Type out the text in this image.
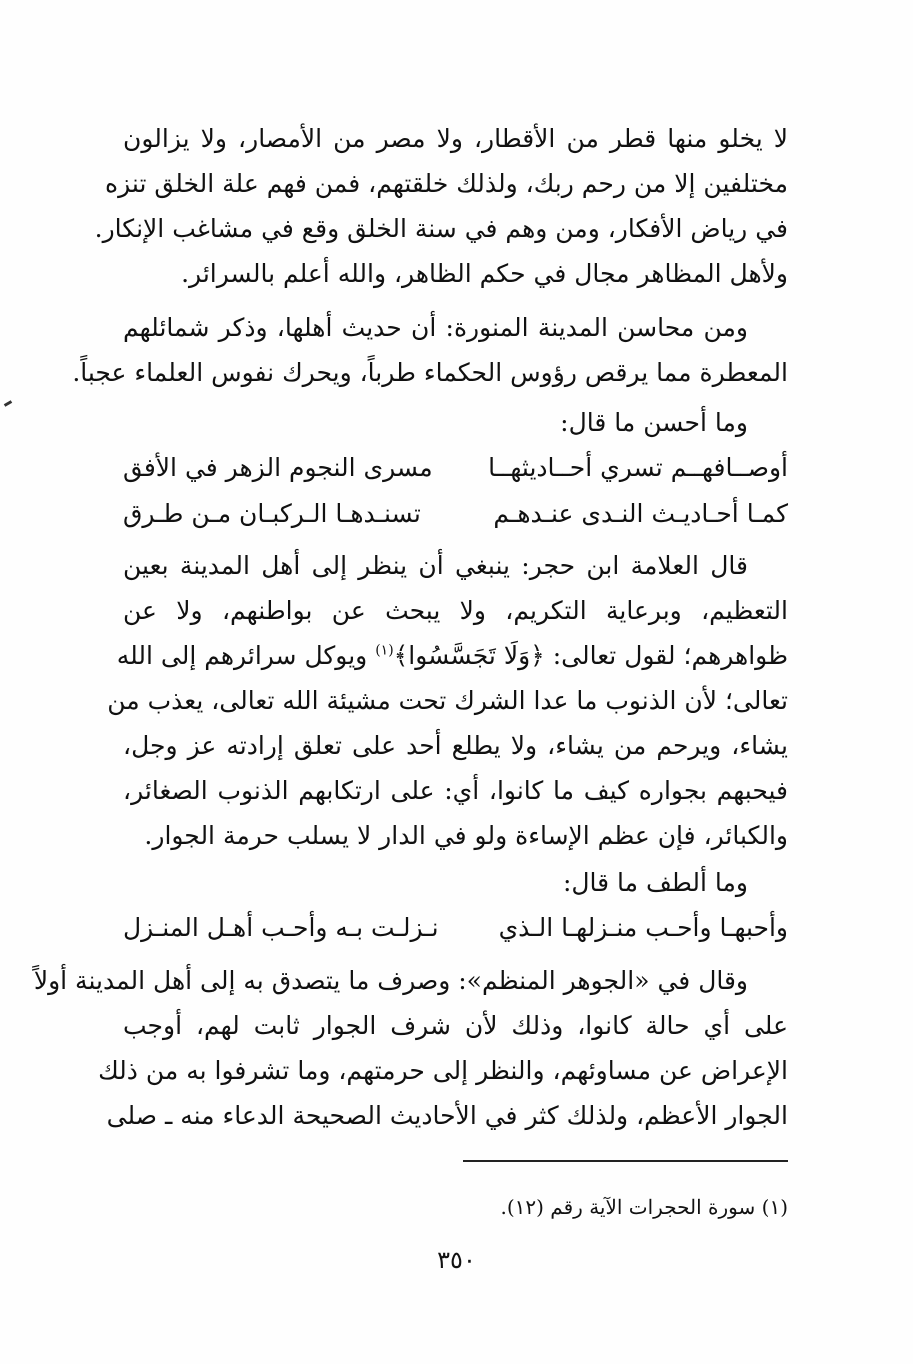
لا يخلو منها قطر من الأقطار، ولا مصر من الأمصار، ولا يزالون
مختلفين إلا من رحم ربك، ولذلك خلقتهم، فمن فهم علة الخلق تنزه
في رياض الأفكار، ومن وهم في سنة الخلق وقع في مشاغب الإنكار.
ولأهل المظاهر مجال في حكم الظاهر، والله أعلم بالسرائر.
ومن محاسن المدينة المنورة: أن حديث أهلها، وذكر شمائلهم
المعطرة مما يرقص رؤوس الحكماء طرباً، ويحرك نفوس العلماء عجباً.
وما أحسن ما قال:
أوصــافهــم تسري أحــاديثهــا
مسرى النجوم الزهر في الأفق
كمـا أحـاديـث النـدى عنـدهـم
تسنـدهـا الـركبـان مـن طـرق
قال العلامة ابن حجر: ينبغي أن ينظر إلى أهل المدينة بعين
التعظيم، وبرعاية التكريم، ولا يبحث عن بواطنهم، ولا عن
ظواهرهم؛ لقول تعالى: ﴿وَلَا تَجَسَّسُوا﴾$^{(١)}$ ويوكل سرائرهم إلى الله
تعالى؛ لأن الذنوب ما عدا الشرك تحت مشيئة الله تعالى، يعذب من
يشاء، ويرحم من يشاء، ولا يطلع أحد على تعلق إرادته عز وجل،
فيحبهم بجواره كيف ما كانوا، أي: على ارتكابهم الذنوب الصغائر،
والكبائر، فإن عظم الإساءة ولو في الدار لا يسلب حرمة الجوار.
وما ألطف ما قال:
وأحبهـا وأحـب منـزلهـا الـذي
نـزلـت بـه وأحـب أهـل المنـزل
وقال في «الجوهر المنظم»: وصرف ما يتصدق به إلى أهل المدينة أولاً
على أي حالة كانوا، وذلك لأن شرف الجوار ثابت لهم، أوجب
الإعراض عن مساوئهم، والنظر إلى حرمتهم، وما تشرفوا به من ذلك
الجوار الأعظم، ولذلك كثر في الأحاديث الصحيحة الدعاء منه ـ صلى
(١) سورة الحجرات الآية رقم (١٢).
٣٥٠
